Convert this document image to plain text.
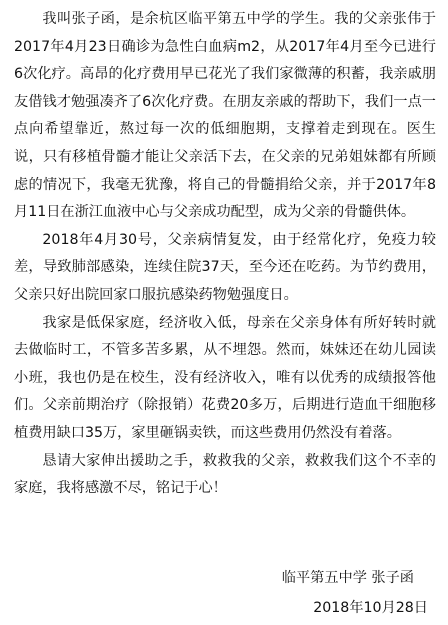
我叫张子函，是余杭区临平第五中学的学生。我的父亲张伟于2017年4月23日确诊为急性白血病m2，从2017年4月至今已进行6次化疗。高昂的化疗费用早已花光了我们家微薄的积蓄，我亲戚朋友借钱才勉强凑齐了6次化疗费。在朋友亲戚的帮助下，我们一点一点向希望靠近，熬过每一次的低细胞期，支撑着走到现在。医生说，只有移植骨髓才能让父亲活下去，在父亲的兄弟姐妹都有所顾虑的情况下，我毫无犹豫，将自己的骨髓捐给父亲，并于2017年8月11日在浙江血液中心与父亲成功配型，成为父亲的骨髓供体。

2018年4月30号，父亲病情复发，由于经常化疗，免疫力较差，导致肺部感染，连续住院37天，至今还在吃药。为节约费用，父亲只好出院回家口服抗感染药物勉强度日。

我家是低保家庭，经济收入低，母亲在父亲身体有所好转时就去做临时工，不管多苦多累，从不埋怨。然而，妹妹还在幼儿园读小班，我也仍是在校生，没有经济收入，唯有以优秀的成绩报答他们。父亲前期治疗（除报销）花费20多万，后期进行造血干细胞移植费用缺口35万，家里砸锅卖铁，而这些费用仍然没有着落。

恳请大家伸出援助之手，救救我的父亲，救救我们这个不幸的家庭，我将感激不尽，铭记于心！

临平第五中学 张子函
2018年10月28日
